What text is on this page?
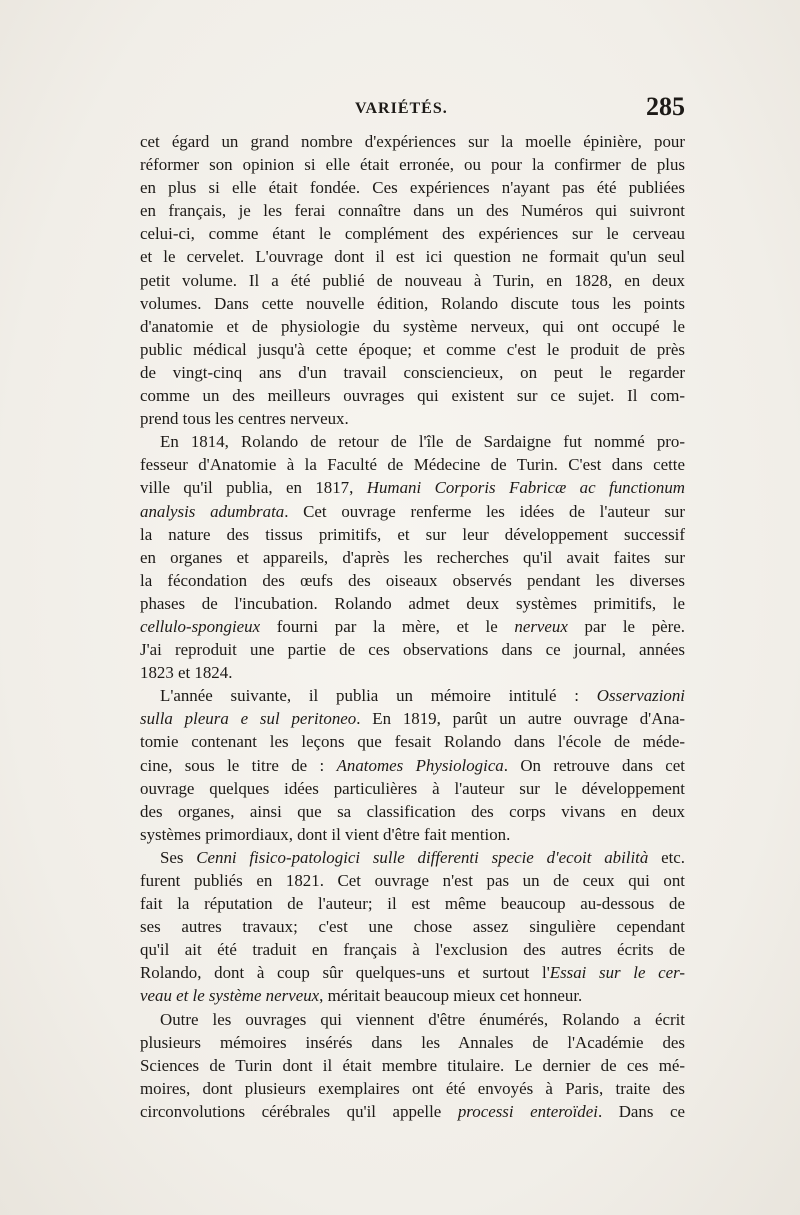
VARIÉTÉS.	285
cet égard un grand nombre d'expériences sur la moelle épinière, pour
réformer son opinion si elle était erronée, ou pour la confirmer de plus
en plus si elle était fondée. Ces expériences n'ayant pas été publiées
en français, je les ferai connaître dans un des Numéros qui suivront
celui-ci, comme étant le complément des expériences sur le cerveau
et le cervelet. L'ouvrage dont il est ici question ne formait qu'un seul
petit volume. Il a été publié de nouveau à Turin, en 1828, en deux
volumes. Dans cette nouvelle édition, Rolando discute tous les points
d'anatomie et de physiologie du système nerveux, qui ont occupé le
public médical jusqu'à cette époque; et comme c'est le produit de près
de vingt-cinq ans d'un travail consciencieux, on peut le regarder
comme un des meilleurs ouvrages qui existent sur ce sujet. Il com-
prend tous les centres nerveux.
En 1814, Rolando de retour de l'île de Sardaigne fut nommé pro-
fesseur d'Anatomie à la Faculté de Médecine de Turin. C'est dans cette
ville qu'il publia, en 1817, Humani Corporis Fabricæ ac functionum
analysis adumbrata. Cet ouvrage renferme les idées de l'auteur sur
la nature des tissus primitifs, et sur leur développement successif
en organes et appareils, d'après les recherches qu'il avait faites sur
la fécondation des œufs des oiseaux observés pendant les diverses
phases de l'incubation. Rolando admet deux systèmes primitifs, le
cellulo-spongieux fourni par la mère, et le nerveux par le père.
J'ai reproduit une partie de ces observations dans ce journal, années
1823 et 1824.
L'année suivante, il publia un mémoire intitulé : Osservazioni
sulla pleura e sul peritoneo. En 1819, parût un autre ouvrage d'Ana-
tomie contenant les leçons que fesait Rolando dans l'école de méde-
cine, sous le titre de : Anatomes Physiologica. On retrouve dans cet
ouvrage quelques idées particulières à l'auteur sur le développement
des organes, ainsi que sa classification des corps vivans en deux
systèmes primordiaux, dont il vient d'être fait mention.
Ses Cenni fisico-patologici sulle differenti specie d'ecoit abilità etc.
furent publiés en 1821. Cet ouvrage n'est pas un de ceux qui ont
fait la réputation de l'auteur; il est même beaucoup au-dessous de
ses autres travaux; c'est une chose assez singulière cependant
qu'il ait été traduit en français à l'exclusion des autres écrits de
Rolando, dont à coup sûr quelques-uns et surtout l'Essai sur le cer-
veau et le système nerveux, méritait beaucoup mieux cet honneur.
Outre les ouvrages qui viennent d'être énumérés, Rolando a écrit
plusieurs mémoires insérés dans les Annales de l'Académie des
Sciences de Turin dont il était membre titulaire. Le dernier de ces mé-
moires, dont plusieurs exemplaires ont été envoyés à Paris, traite des
circonvolutions cérébrales qu'il appelle processi enteroïdei. Dans ce
